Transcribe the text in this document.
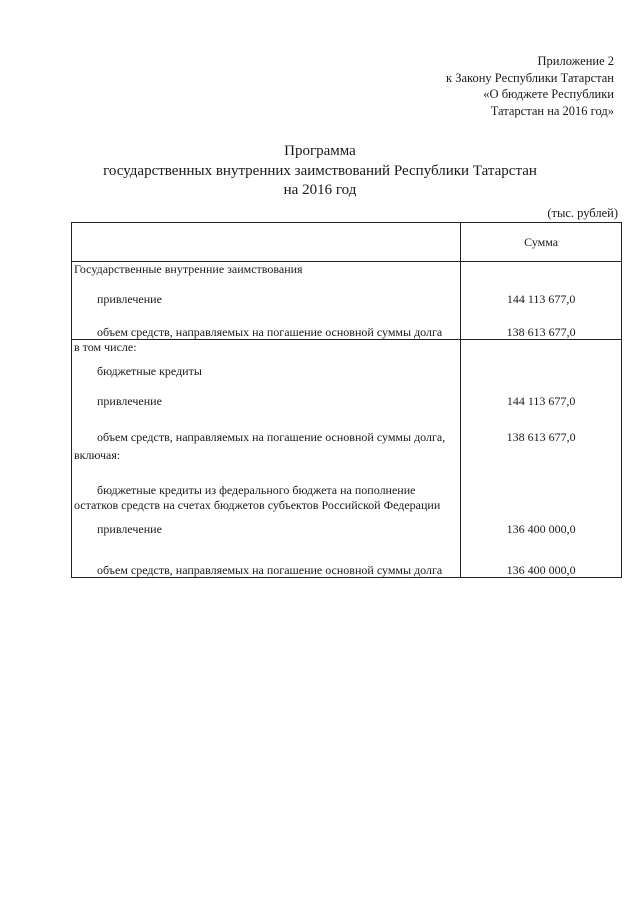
Приложение 2
к Закону Республики Татарстан
«О бюджете Республики
Татарстан на 2016 год»
Программа
государственных внутренних заимствований Республики Татарстан
на 2016 год
(тыс. рублей)
	Сумма
Государственные внутренние заимствования	
привлечение	144 113 677,0
объем средств, направляемых на погашение основной суммы долга	138 613 677,0
в том числе:	
бюджетные кредиты	
привлечение	144 113 677,0
объем средств, направляемых на погашение основной суммы долга,	138 613 677,0
включая:	
бюджетные кредиты из федерального бюджета на пополнение остатков средств на счетах бюджетов субъектов Российской Федерации	
привлечение	136 400 000,0
объем средств, направляемых на погашение основной суммы долга	136 400 000,0
